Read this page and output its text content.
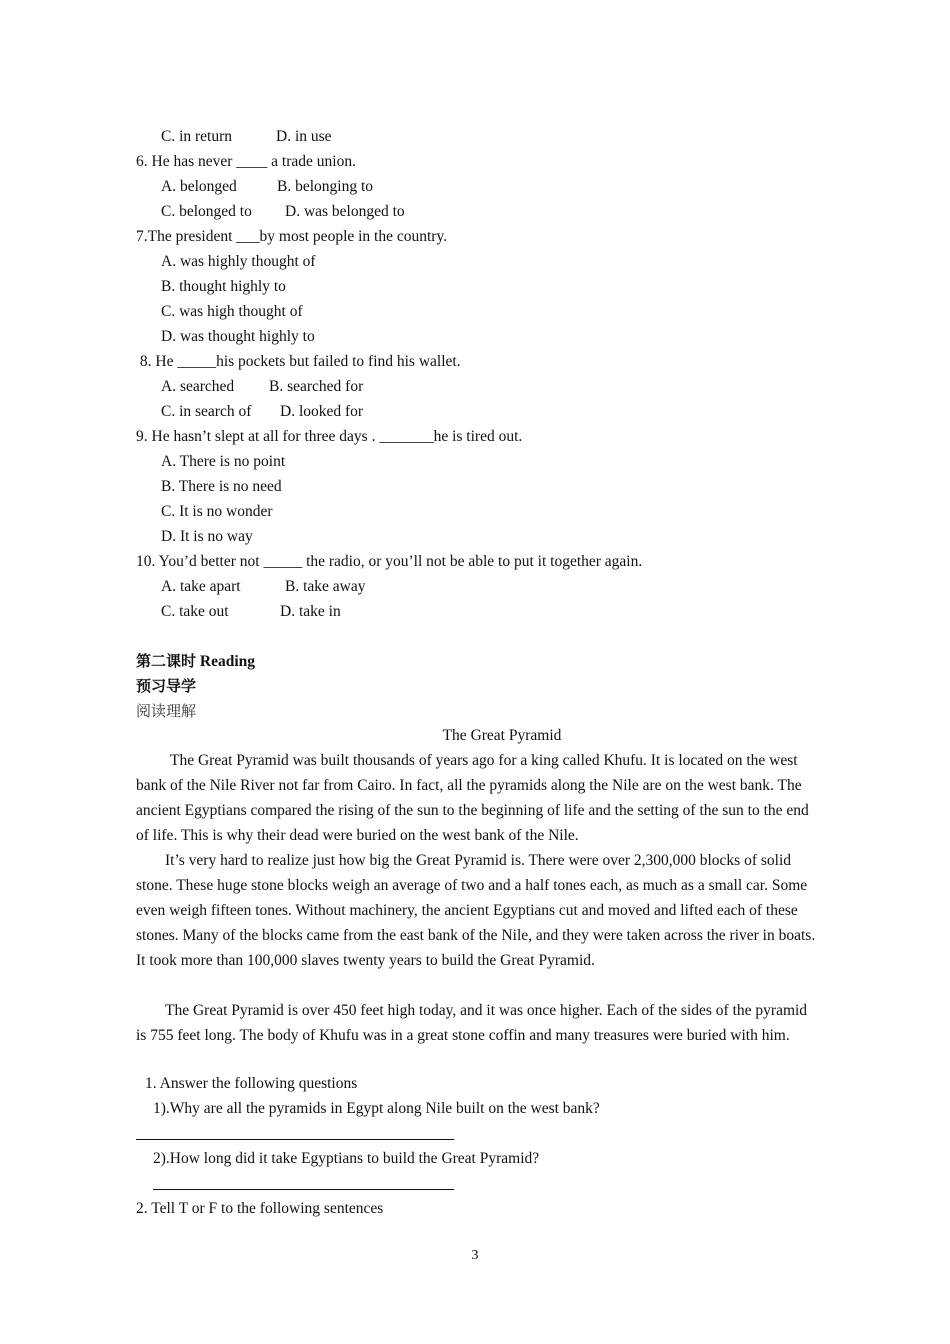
C. in return	D. in use
6. He has never ____ a trade union.
A. belonged	B. belonging to
C. belonged to D. was belonged to
7.The president ___by most people in the country.
A. was highly thought of
B. thought highly to
C. was high thought of
D. was thought highly to
8. He _____his pockets but failed to find his wallet.
A. searched B. searched for
C. in search of D. looked for
9. He hasn’t slept at all for three days . _______he is tired out.
A. There is no point
B. There is no need
C. It is no wonder
D. It is no way
10. You’d better not _____ the radio, or you’ll not be able to put it together again.
A. take apart	B. take away
C. take out	D. take in
第二课时 Reading
预习导学
阅读理解
The Great Pyramid
The Great Pyramid was built thousands of years ago for a king called Khufu. It is located on the west bank of the Nile River not far from Cairo. In fact, all the pyramids along the Nile are on the west bank. The ancient Egyptians compared the rising of the sun to the beginning of life and the setting of the sun to the end of life. This is why their dead were buried on the west bank of the Nile.
It’s very hard to realize just how big the Great Pyramid is. There were over 2,300,000 blocks of solid stone. These huge stone blocks weigh an average of two and a half tones each, as much as a small car. Some even weigh fifteen tones. Without machinery, the ancient Egyptians cut and moved and lifted each of these stones. Many of the blocks came from the east bank of the Nile, and they were taken across the river in boats. It took more than 100,000 slaves twenty years to build the Great Pyramid.
The Great Pyramid is over 450 feet high today, and it was once higher. Each of the sides of the pyramid is 755 feet long. The body of Khufu was in a great stone coffin and many treasures were buried with him.
1. Answer the following questions
1).Why are all the pyramids in Egypt along Nile built on the west bank?
2).How long did it take Egyptians to build the Great Pyramid?
2. Tell T or F to the following sentences
3
